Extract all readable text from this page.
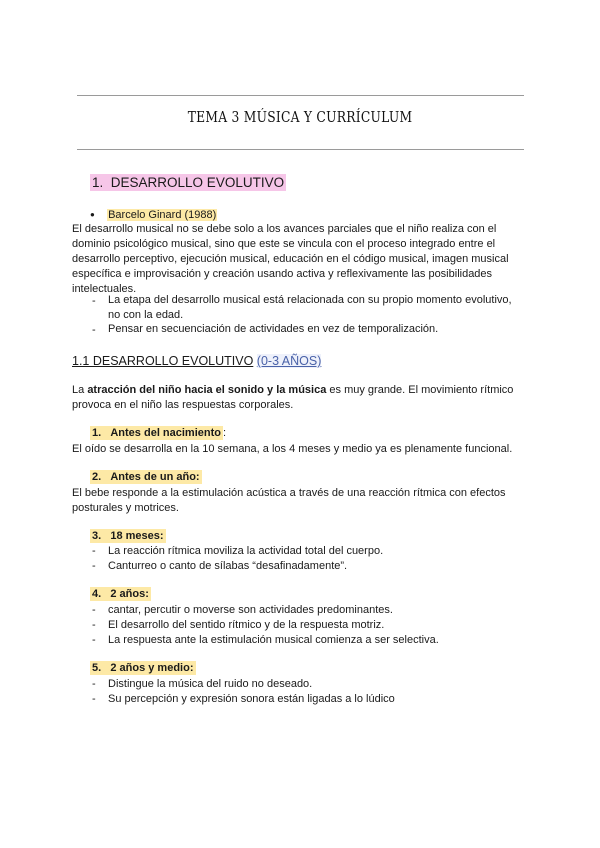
TEMA 3 MÚSICA Y CURRÍCULUM
1. DESARROLLO EVOLUTIVO
● Barcelo Ginard (1988)
El desarrollo musical no se debe solo a los avances parciales que el niño realiza con el
dominio psicológico musical, sino que este se vincula con el proceso integrado entre el
desarrollo perceptivo, ejecución musical, educación en el código musical, imagen musical
específica e improvisación y creación usando activa y reflexivamente las posibilidades
intelectuales.
- La etapa del desarrollo musical está relacionada con su propio momento evolutivo,
no con la edad.
- Pensar en secuenciación de actividades en vez de temporalización.
1.1 DESARROLLO EVOLUTIVO (0-3 AÑOS)
La atracción del niño hacia el sonido y la música es muy grande. El movimiento rítmico
provoca en el niño las respuestas corporales.
1. Antes del nacimiento :
El oído se desarrolla en la 10 semana, a los 4 meses y medio ya es plenamente funcional.
2. Antes de un año:
El bebe responde a la estimulación acústica a través de una reacción rítmica con efectos
posturales y motrices.
3. 18 meses:
- La reacción rítmica moviliza la actividad total del cuerpo.
- Canturreo o canto de sílabas “desafinadamente”.
4. 2 años:
- cantar, percutir o moverse son actividades predominantes.
- El desarrollo del sentido rítmico y de la respuesta motriz.
- La respuesta ante la estimulación musical comienza a ser selectiva.
5. 2 años y medio:
- Distingue la música del ruido no deseado.
- Su percepción y expresión sonora están ligadas a lo lúdico
